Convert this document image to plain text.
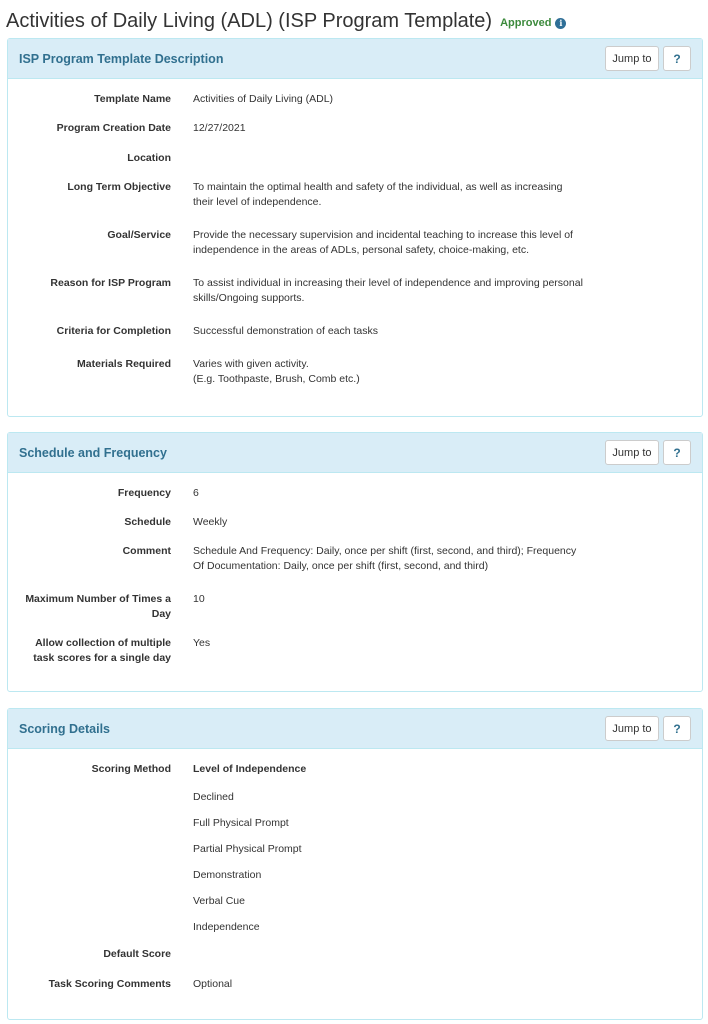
Activities of Daily Living (ADL) (ISP Program Template) Approved i
ISP Program Template Description	Jump to	?
Template Name Activities of Daily Living (ADL)
Program Creation Date 12/27/2021
Location
Long Term Objective To maintain the optimal health and safety of the individual, as well as increasing their level of independence.
Goal/Service Provide the necessary supervision and incidental teaching to increase this level of independence in the areas of ADLs, personal safety, choice-making, etc.
Reason for ISP Program To assist individual in increasing their level of independence and improving personal skills/Ongoing supports.
Criteria for Completion Successful demonstration of each tasks
Materials Required Varies with given activity.
(E.g. Toothpaste, Brush, Comb etc.)
Schedule and Frequency	Jump to	?
Frequency 6
Schedule Weekly
Comment Schedule And Frequency: Daily, once per shift (first, second, and third); Frequency Of Documentation: Daily, once per shift (first, second, and third)
Maximum Number of Times a
Day
10
Allow collection of multiple
task scores for a single day
Yes
Scoring Details	Jump to	?
Scoring Method Level of Independence
Declined
Full Physical Prompt
Partial Physical Prompt
Demonstration
Verbal Cue
Independence
Default Score
Task Scoring Comments Optional
